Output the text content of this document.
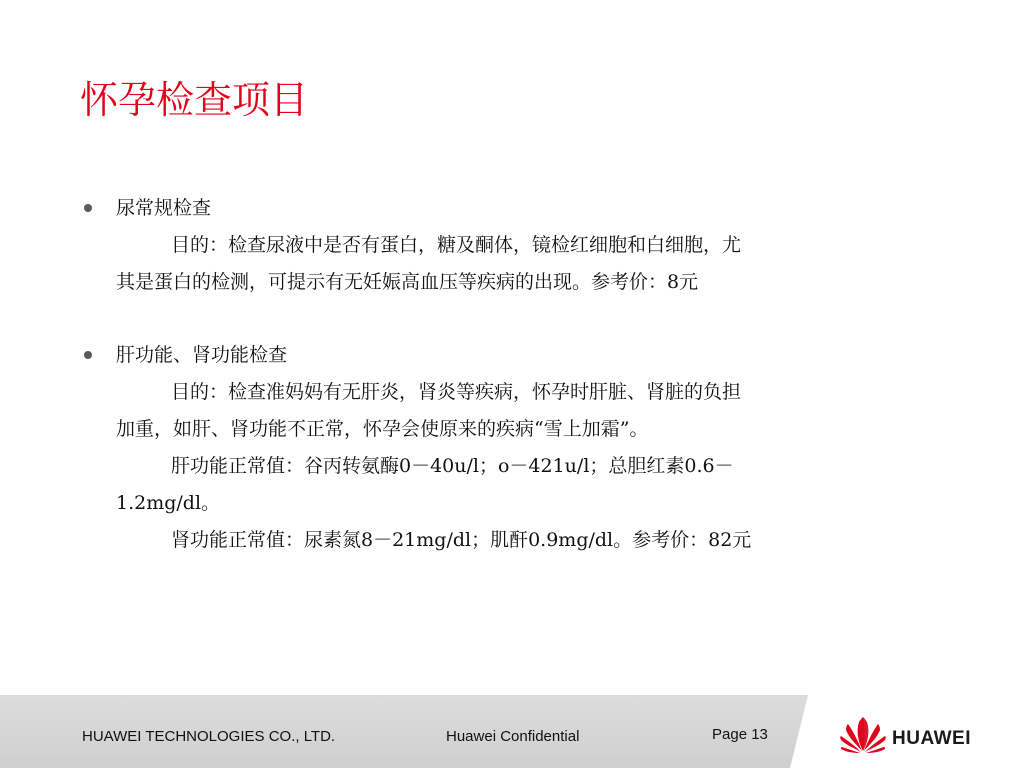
怀孕检查项目
尿常规检查
目的：检查尿液中是否有蛋白，糖及酮体，镜检红细胞和白细胞，尤
其是蛋白的检测，可提示有无妊娠高血压等疾病的出现。参考价：8元
肝功能、肾功能检查
目的：检查准妈妈有无肝炎，肾炎等疾病，怀孕时肝脏、肾脏的负担
加重，如肝、肾功能不正常，怀孕会使原来的疾病“雪上加霜”。
肝功能正常值：谷丙转氨酶0－40u/l；o－421u/l；总胆红素0.6－
1.2mg/dl。
肾功能正常值：尿素氮8－21mg/dl；肌酐0.9mg/dl。参考价：82元
HUAWEI TECHNOLOGIES CO., LTD.	Huawei Confidential	Page 13	HUAWEI
